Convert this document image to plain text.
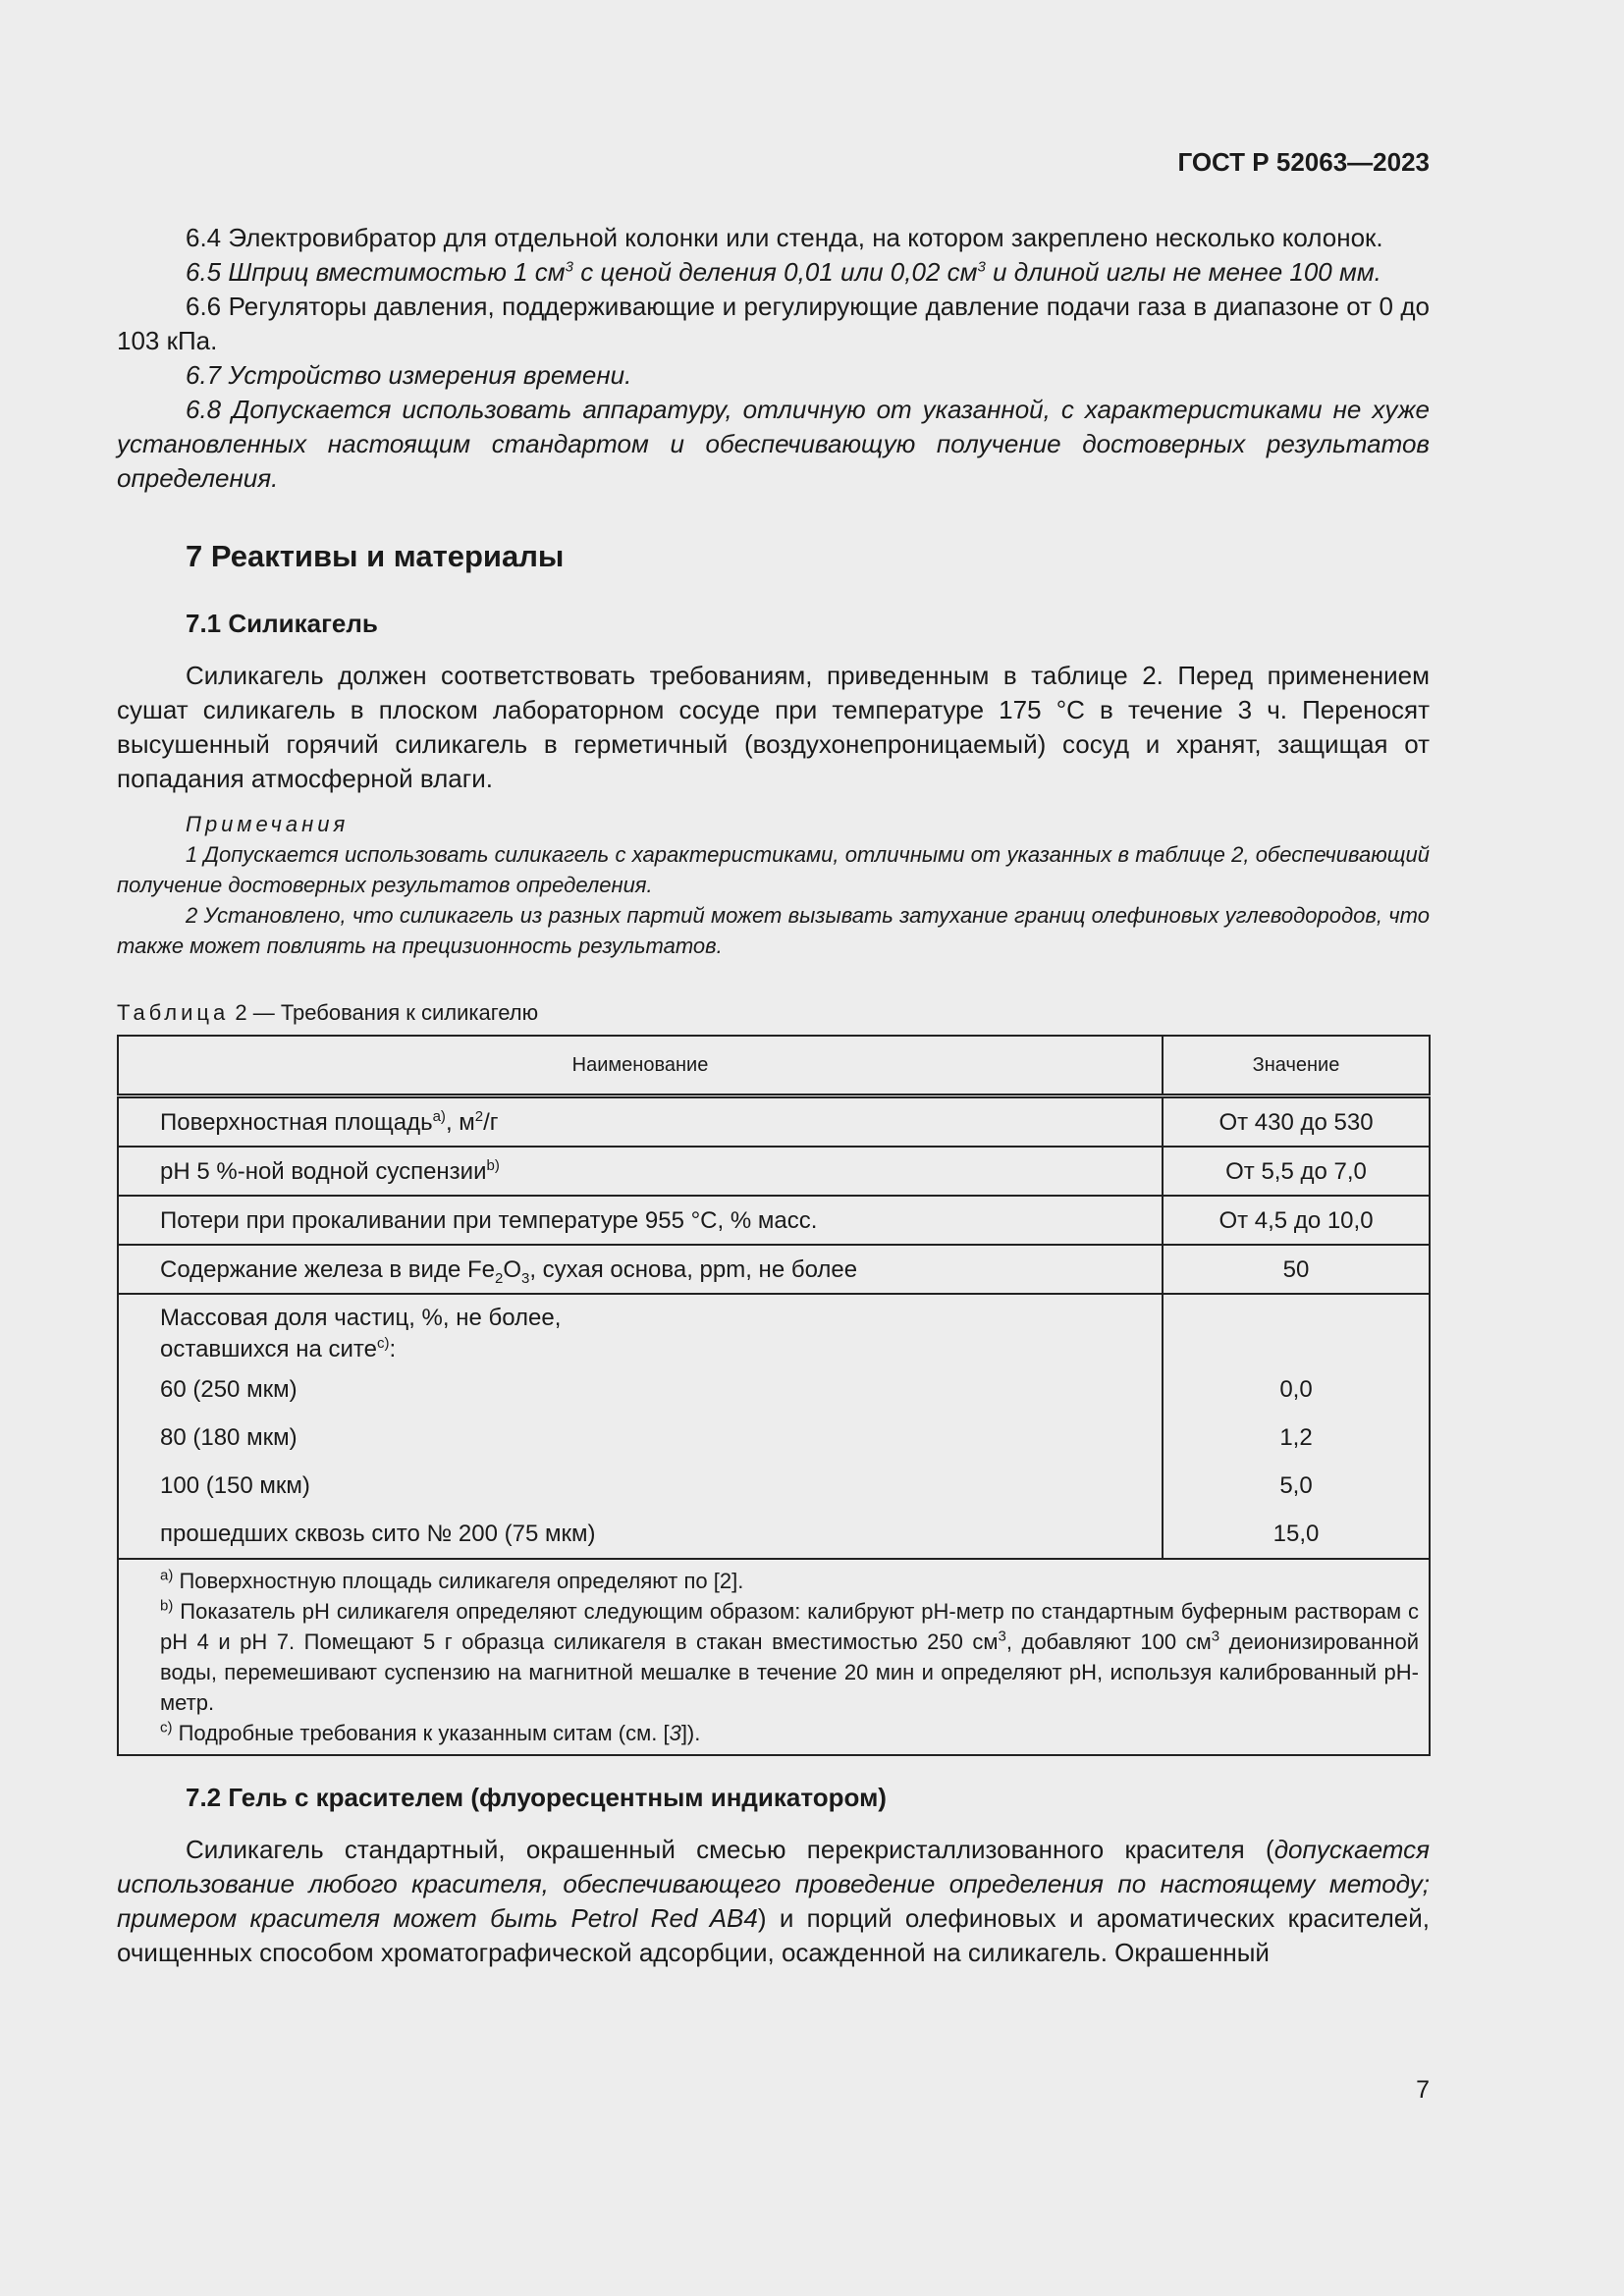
ГОСТ Р 52063—2023

6.4 Электровибратор для отдельной колонки или стенда, на котором закреплено несколько колонок.

6.5 Шприц вместимостью 1 $см^3$ с ценой деления 0,01 или 0,02 $см^3$ и длиной иглы не менее 100 мм.

6.6 Регуляторы давления, поддерживающие и регулирующие давление подачи газа в диапазоне от 0 до 103 кПа.

6.7 Устройство измерения времени.

6.8 Допускается использовать аппаратуру, отличную от указанной, с характеристиками не хуже установленных настоящим стандартом и обеспечивающую получение достоверных результатов определения.

7 Реактивы и материалы
7.1 Силикагель

Силикагель должен соответствовать требованиям, приведенным в таблице 2. Перед применением сушат силикагель в плоском лабораторном сосуде при температуре 175 °С в течение 3 ч. Переносят высушенный горячий силикагель в герметичный (воздухонепроницаемый) сосуд и хранят, защищая от попадания атмосферной влаги.

Примечания

1 Допускается использовать силикагель с характеристиками, отличными от указанных в таблице 2, обеспечивающий получение достоверных результатов определения.

2 Установлено, что силикагель из разных партий может вызывать затухание границ олефиновых углеводородов, что также может повлиять на прецизионность результатов.

Таблица 2 — Требования к силикагелю
Наименование	Значение
Поверхностная площадь$^{а)}$, $м^2/г$	От 430 до 530
pH 5 %-ной водной суспензии$^{b)}$	От 5,5 до 7,0
Потери при прокаливании при температуре 955 °С, % масс.	От 4,5 до 10,0
Содержание железа в виде $Fe_2O_3$, сухая основа, ppm, не более	50

Массовая доля частиц, %, не более,
оставшихся на сите$^{с)}$:	

60 (250 мкм)	0,0
80 (180 мкм)	1,2
100 (150 мкм)	5,0
прошедших сквозь сито № 200 (75 мкм)	15,0

$^{а)}$ Поверхностную площадь силикагеля определяют по [2].
$^{b)}$ Показатель pH силикагеля определяют следующим образом: калибруют pH-метр по стандартным буферным растворам с pH 4 и pH 7. Помещают 5 г образца силикагеля в стакан вместимостью 250 $см^3$, добавляют 100 $см^3$ деионизированной воды, перемешивают суспензию на магнитной мешалке в течение 20 мин и определяют pH, используя калиброванный pH-метр.
$^{с)}$ Подробные требования к указанным ситам (см. [3]).	
7.2 Гель с красителем (флуоресцентным индикатором)

Силикагель стандартный, окрашенный смесью перекристаллизованного красителя (допускается использование любого красителя, обеспечивающего проведение определения по настоящему методу; примером красителя может быть Petrol Red AB4) и порций олефиновых и ароматических красителей, очищенных способом хроматографической адсорбции, осажденной на силикагель. Окрашенный

7
